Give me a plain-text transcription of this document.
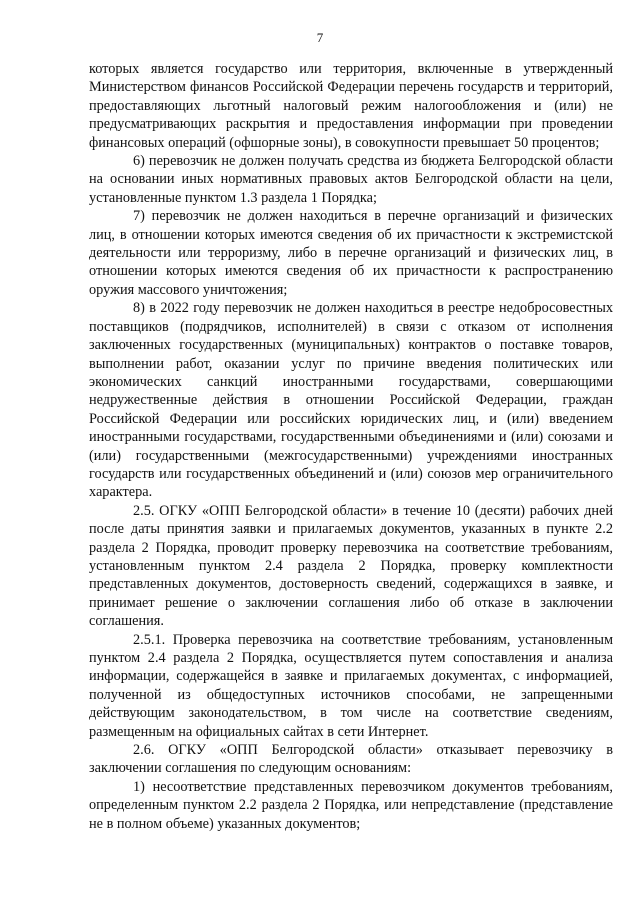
7

которых является государство или территория, включенные в утвержденный Министерством финансов Российской Федерации перечень государств и территорий, предоставляющих льготный налоговый режим налогообложения и (или) не предусматривающих раскрытия и предоставления информации при проведении финансовых операций (офшорные зоны), в совокупности превышает 50 процентов;

6) перевозчик не должен получать средства из бюджета Белгородской области на основании иных нормативных правовых актов Белгородской области на цели, установленные пунктом 1.3 раздела 1 Порядка;

7) перевозчик не должен находиться в перечне организаций и физических лиц, в отношении которых имеются сведения об их причастности к экстремистской деятельности или терроризму, либо в перечне организаций и физических лиц, в отношении которых имеются сведения об их причастности к распространению оружия массового уничтожения;

8) в 2022 году перевозчик не должен находиться в реестре недобросовестных поставщиков (подрядчиков, исполнителей) в связи с отказом от исполнения заключенных государственных (муниципальных) контрактов о поставке товаров, выполнении работ, оказании услуг по причине введения политических или экономических санкций иностранными государствами, совершающими недружественные действия в отношении Российской Федерации, граждан Российской Федерации или российских юридических лиц, и (или) введением иностранными государствами, государственными объединениями и (или) союзами и (или) государственными (межгосударственными) учреждениями иностранных государств или государственных объединений и (или) союзов мер ограничительного характера.

2.5. ОГКУ «ОПП Белгородской области» в течение 10 (десяти) рабочих дней после даты принятия заявки и прилагаемых документов, указанных в пункте 2.2 раздела 2 Порядка, проводит проверку перевозчика на соответствие требованиям, установленным пунктом 2.4 раздела 2 Порядка, проверку комплектности представленных документов, достоверность сведений, содержащихся в заявке, и принимает решение о заключении соглашения либо об отказе в заключении соглашения.

2.5.1. Проверка перевозчика на соответствие требованиям, установленным пунктом 2.4 раздела 2 Порядка, осуществляется путем сопоставления и анализа информации, содержащейся в заявке и прилагаемых документах, с информацией, полученной из общедоступных источников способами, не запрещенными действующим законодательством, в том числе на соответствие сведениям, размещенным на официальных сайтах в сети Интернет.

2.6. ОГКУ «ОПП Белгородской области» отказывает перевозчику в заключении соглашения по следующим основаниям:

1) несоответствие представленных перевозчиком документов требованиям, определенным пунктом 2.2 раздела 2 Порядка, или непредставление (представление не в полном объеме) указанных документов;
